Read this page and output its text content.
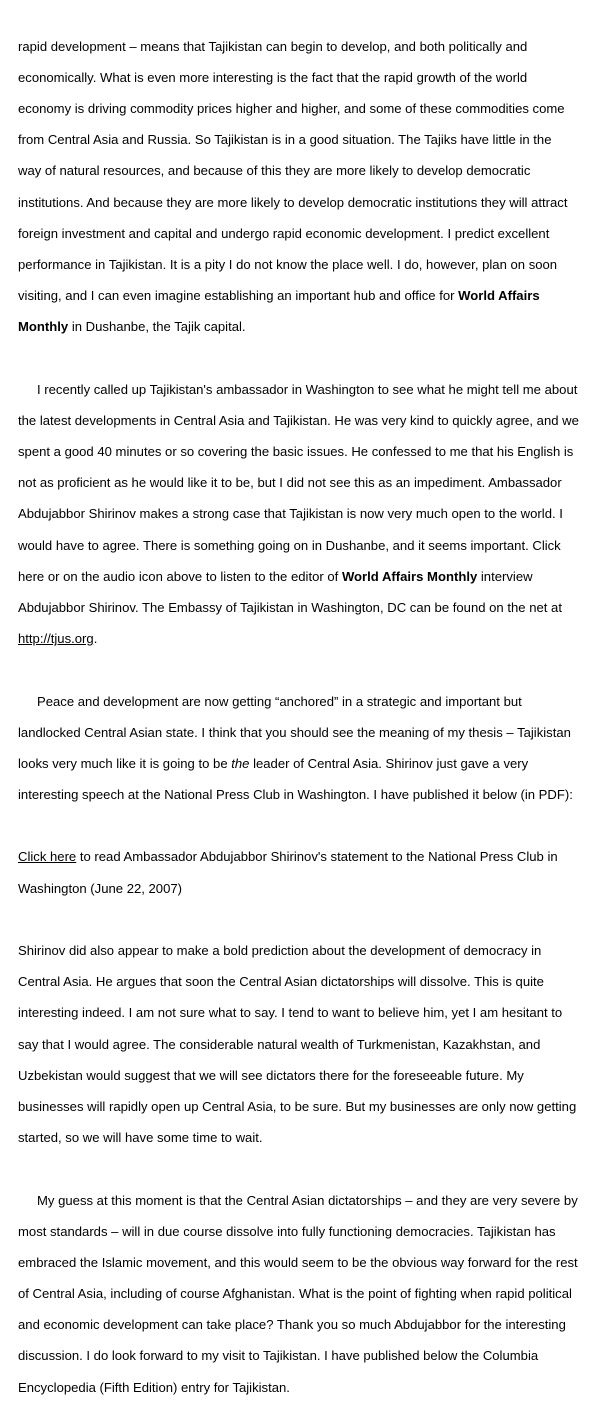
rapid development – means that Tajikistan can begin to develop, and both politically and

economically. What is even more interesting is the fact that the rapid growth of the world

economy is driving commodity prices higher and higher, and some of these commodities come

from Central Asia and Russia. So Tajikistan is in a good situation. The Tajiks have little in the

way of natural resources, and because of this they are more likely to develop democratic

institutions. And because they are more likely to develop democratic institutions they will attract

foreign investment and capital and undergo rapid economic development. I predict excellent

performance in Tajikistan. It is a pity I do not know the place well. I do, however, plan on soon

visiting, and I can even imagine establishing an important hub and office for World Affairs

Monthly in Dushanbe, the Tajik capital.

I recently called up Tajikistan's ambassador in Washington to see what he might tell me about

the latest developments in Central Asia and Tajikistan. He was very kind to quickly agree, and we

spent a good 40 minutes or so covering the basic issues. He confessed to me that his English is

not as proficient as he would like it to be, but I did not see this as an impediment. Ambassador

Abdujabbor Shirinov makes a strong case that Tajikistan is now very much open to the world. I

would have to agree. There is something going on in Dushanbe, and it seems important. Click

here or on the audio icon above to listen to the editor of World Affairs Monthly interview

Abdujabbor Shirinov. The Embassy of Tajikistan in Washington, DC can be found on the net at

http://tjus.org.

Peace and development are now getting “anchored” in a strategic and important but

landlocked Central Asian state. I think that you should see the meaning of my thesis – Tajikistan

looks very much like it is going to be the leader of Central Asia. Shirinov just gave a very

interesting speech at the National Press Club in Washington. I have published it below (in PDF):

Click here to read Ambassador Abdujabbor Shirinov's statement to the National Press Club in

Washington (June 22, 2007)

Shirinov did also appear to make a bold prediction about the development of democracy in

Central Asia. He argues that soon the Central Asian dictatorships will dissolve. This is quite

interesting indeed. I am not sure what to say. I tend to want to believe him, yet I am hesitant to

say that I would agree. The considerable natural wealth of Turkmenistan, Kazakhstan, and

Uzbekistan would suggest that we will see dictators there for the foreseeable future. My

businesses will rapidly open up Central Asia, to be sure. But my businesses are only now getting

started, so we will have some time to wait.

My guess at this moment is that the Central Asian dictatorships – and they are very severe by

most standards – will in due course dissolve into fully functioning democracies. Tajikistan has

embraced the Islamic movement, and this would seem to be the obvious way forward for the rest

of Central Asia, including of course Afghanistan. What is the point of fighting when rapid political

and economic development can take place? Thank you so much Abdujabbor for the interesting

discussion. I do look forward to my visit to Tajikistan. I have published below the Columbia

Encyclopedia (Fifth Edition) entry for Tajikistan.
